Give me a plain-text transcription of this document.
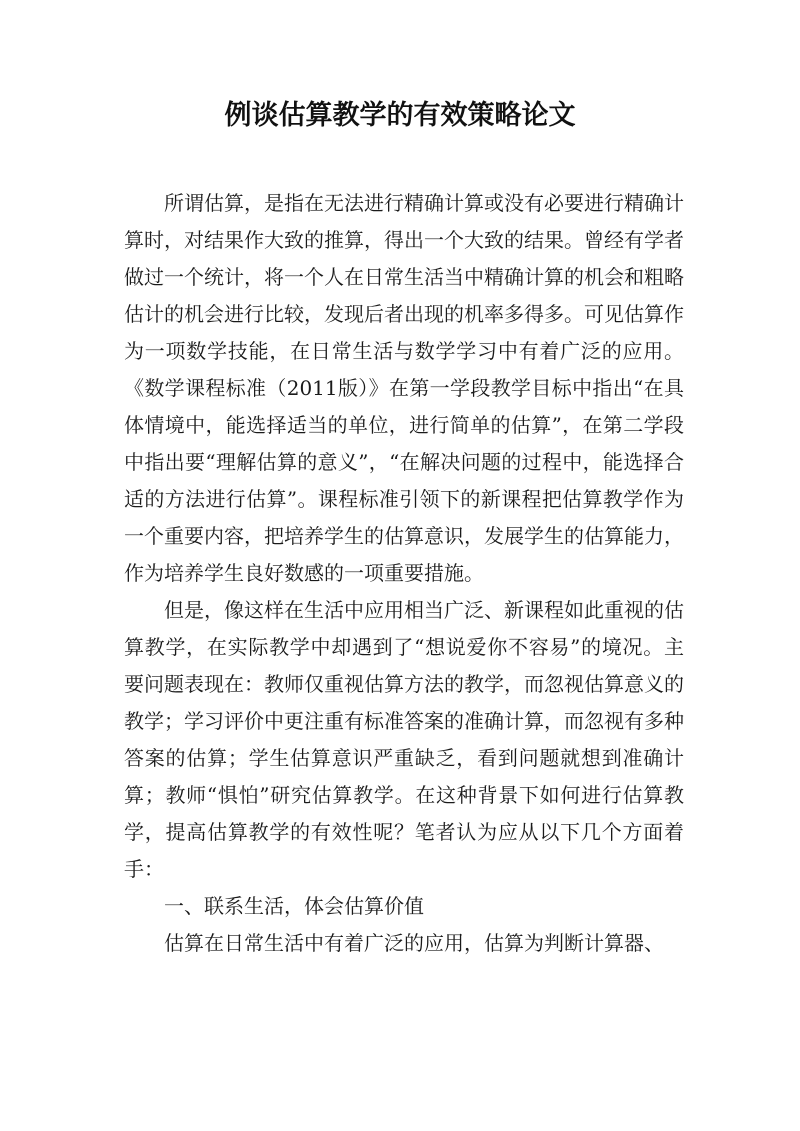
例谈估算教学的有效策略论文

所谓估算，是指在无法进行精确计算或没有必要进行精确计算时，对结果作大致的推算，得出一个大致的结果。曾经有学者做过一个统计，将一个人在日常生活当中精确计算的机会和粗略估计的机会进行比较，发现后者出现的机率多得多。可见估算作为一项数学技能，在日常生活与数学学习中有着广泛的应用。《数学课程标准（2011版）》在第一学段教学目标中指出“在具体情境中，能选择适当的单位，进行简单的估算”，在第二学段中指出要“理解估算的意义”，“在解决问题的过程中，能选择合适的方法进行估算”。课程标准引领下的新课程把估算教学作为一个重要内容，把培养学生的估算意识，发展学生的估算能力，作为培养学生良好数感的一项重要措施。

但是，像这样在生活中应用相当广泛、新课程如此重视的估算教学，在实际教学中却遇到了“想说爱你不容易”的境况。主要问题表现在：教师仅重视估算方法的教学，而忽视估算意义的教学；学习评价中更注重有标准答案的准确计算，而忽视有多种答案的估算；学生估算意识严重缺乏，看到问题就想到准确计算；教师“惧怕”研究估算教学。在这种背景下如何进行估算教学，提高估算教学的有效性呢？笔者认为应从以下几个方面着手：

一、联系生活，体会估算价值

估算在日常生活中有着广泛的应用，估算为判断计算器、
